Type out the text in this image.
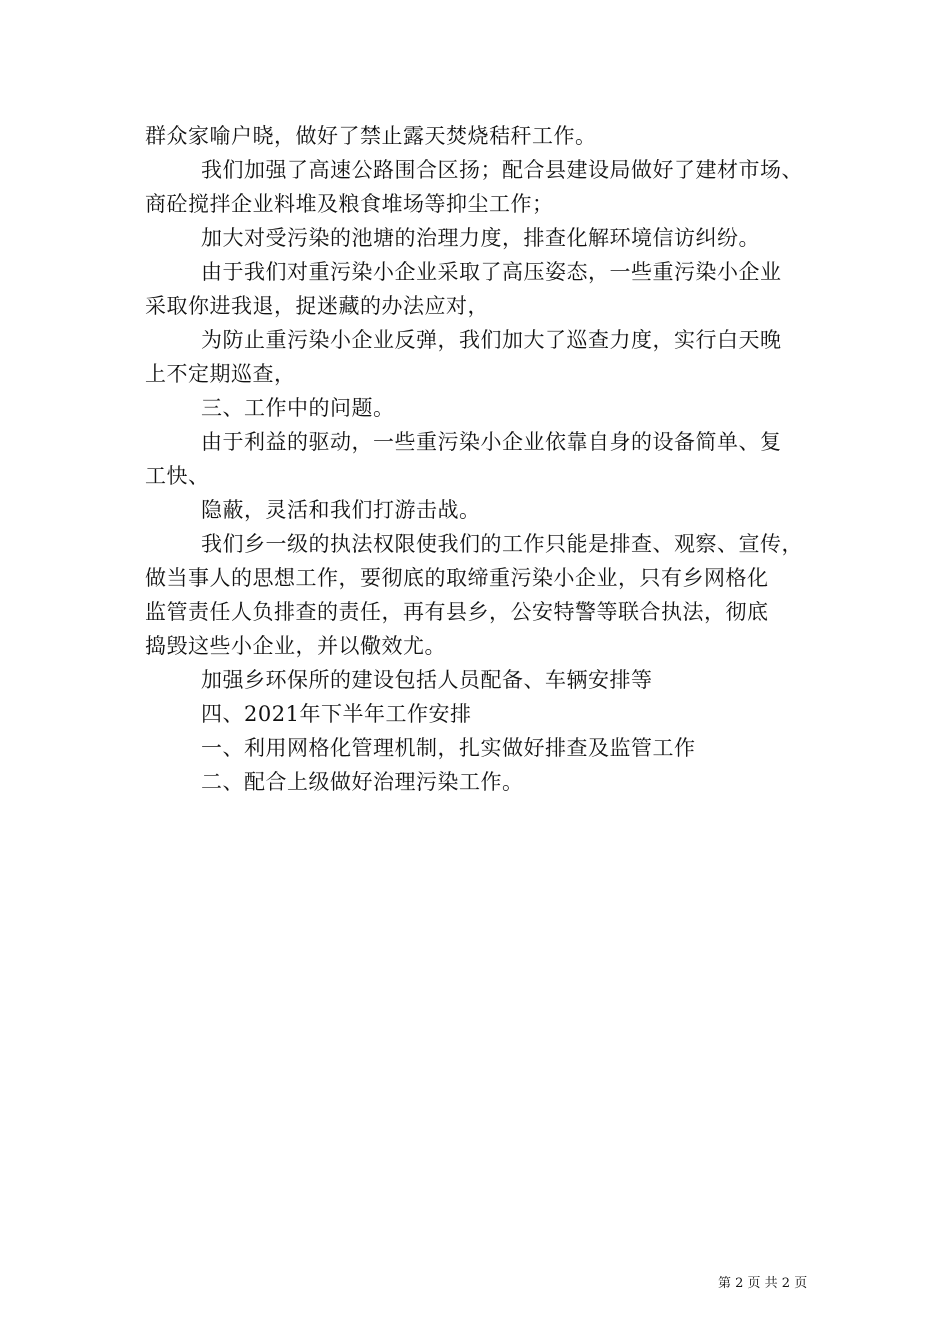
群众家喻户晓，做好了禁止露天焚烧秸秆工作。

我们加强了高速公路围合区扬；配合县建设局做好了建材市场、

商砼搅拌企业料堆及粮食堆场等抑尘工作；

加大对受污染的池塘的治理力度，排查化解环境信访纠纷。

由于我们对重污染小企业采取了高压姿态，一些重污染小企业

采取你进我退，捉迷藏的办法应对，

为防止重污染小企业反弹，我们加大了巡查力度，实行白天晚

上不定期巡查，

三、工作中的问题。

由于利益的驱动，一些重污染小企业依靠自身的设备简单、复

工快、

隐蔽，灵活和我们打游击战。

我们乡一级的执法权限使我们的工作只能是排查、观察、宣传，

做当事人的思想工作，要彻底的取缔重污染小企业，只有乡网格化

监管责任人负排查的责任，再有县乡，公安特警等联合执法，彻底

捣毁这些小企业，并以儆效尤。

加强乡环保所的建设包括人员配备、车辆安排等

四、2021年下半年工作安排

一、利用网格化管理机制，扎实做好排查及监管工作

二、配合上级做好治理污染工作。

第 2 页 共 2 页
